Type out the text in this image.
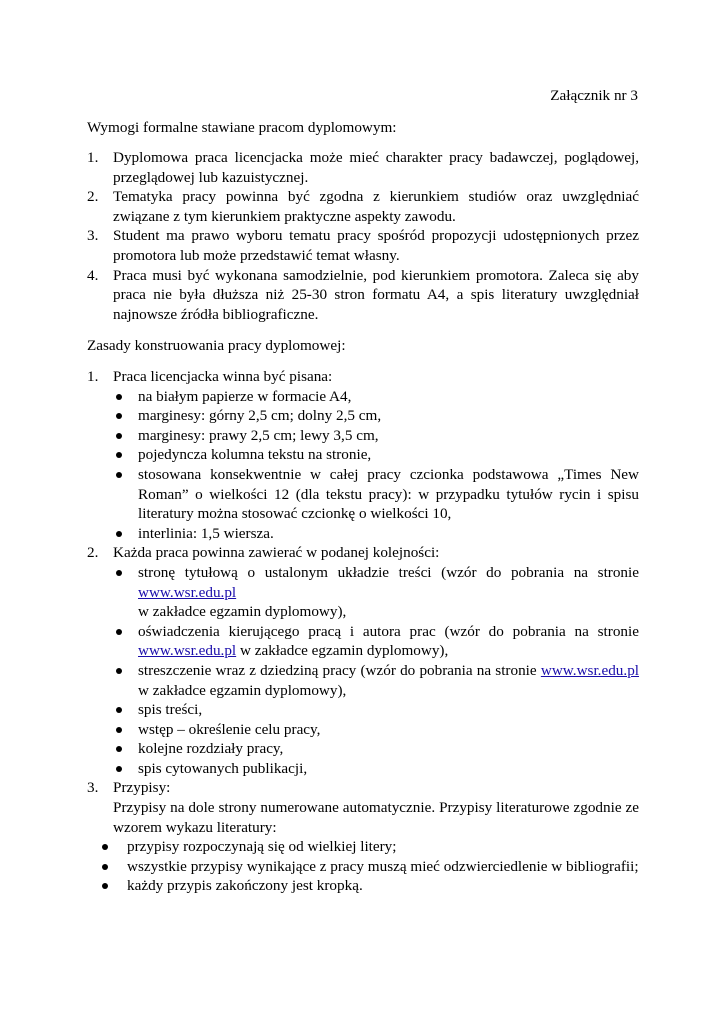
Załącznik nr 3
Wymogi formalne stawiane pracom dyplomowym:
1. Dyplomowa praca licencjacka może mieć charakter pracy badawczej, poglądowej, przeglądowej lub kazuistycznej.
2. Tematyka pracy powinna być zgodna z kierunkiem studiów oraz uwzględniać związane z tym kierunkiem praktyczne aspekty zawodu.
3. Student ma prawo wyboru tematu pracy spośród propozycji udostępnionych przez promotora lub może przedstawić temat własny.
4. Praca musi być wykonana samodzielnie, pod kierunkiem promotora. Zaleca się aby praca nie była dłuższa niż 25-30 stron formatu A4, a spis literatury uwzględniał najnowsze źródła bibliograficzne.
Zasady konstruowania pracy dyplomowej:
1. Praca licencjacka winna być pisana:
na białym papierze w formacie A4,
marginesy: górny 2,5 cm; dolny 2,5 cm,
marginesy: prawy 2,5 cm; lewy 3,5 cm,
pojedyncza kolumna tekstu na stronie,
stosowana konsekwentnie w całej pracy czcionka podstawowa „Times New Roman” o wielkości 12 (dla tekstu pracy): w przypadku tytułów rycin i spisu literatury można stosować czcionkę o wielkości 10,
interlinia: 1,5 wiersza.
2. Każda praca powinna zawierać w podanej kolejności:
stronę tytułową o ustalonym układzie treści (wzór do pobrania na stronie
www.wsr.edu.pl
w zakładce egzamin dyplomowy),
oświadczenia kierującego pracą i autora prac (wzór do pobrania na stronie
www.wsr.edu.pl w zakładce egzamin dyplomowy),
streszczenie wraz z dziedziną pracy (wzór do pobrania na stronie www.wsr.edu.pl
w zakładce egzamin dyplomowy),
spis treści,
wstęp – określenie celu pracy,
kolejne rozdziały pracy,
spis cytowanych publikacji,
3. Przypisy:
Przypisy na dole strony numerowane automatycznie. Przypisy literaturowe zgodnie ze wzorem wykazu literatury:
przypisy rozpoczynają się od wielkiej litery;
wszystkie przypisy wynikające z pracy muszą mieć odzwierciedlenie w bibliografii;
każdy przypis zakończony jest kropką.
